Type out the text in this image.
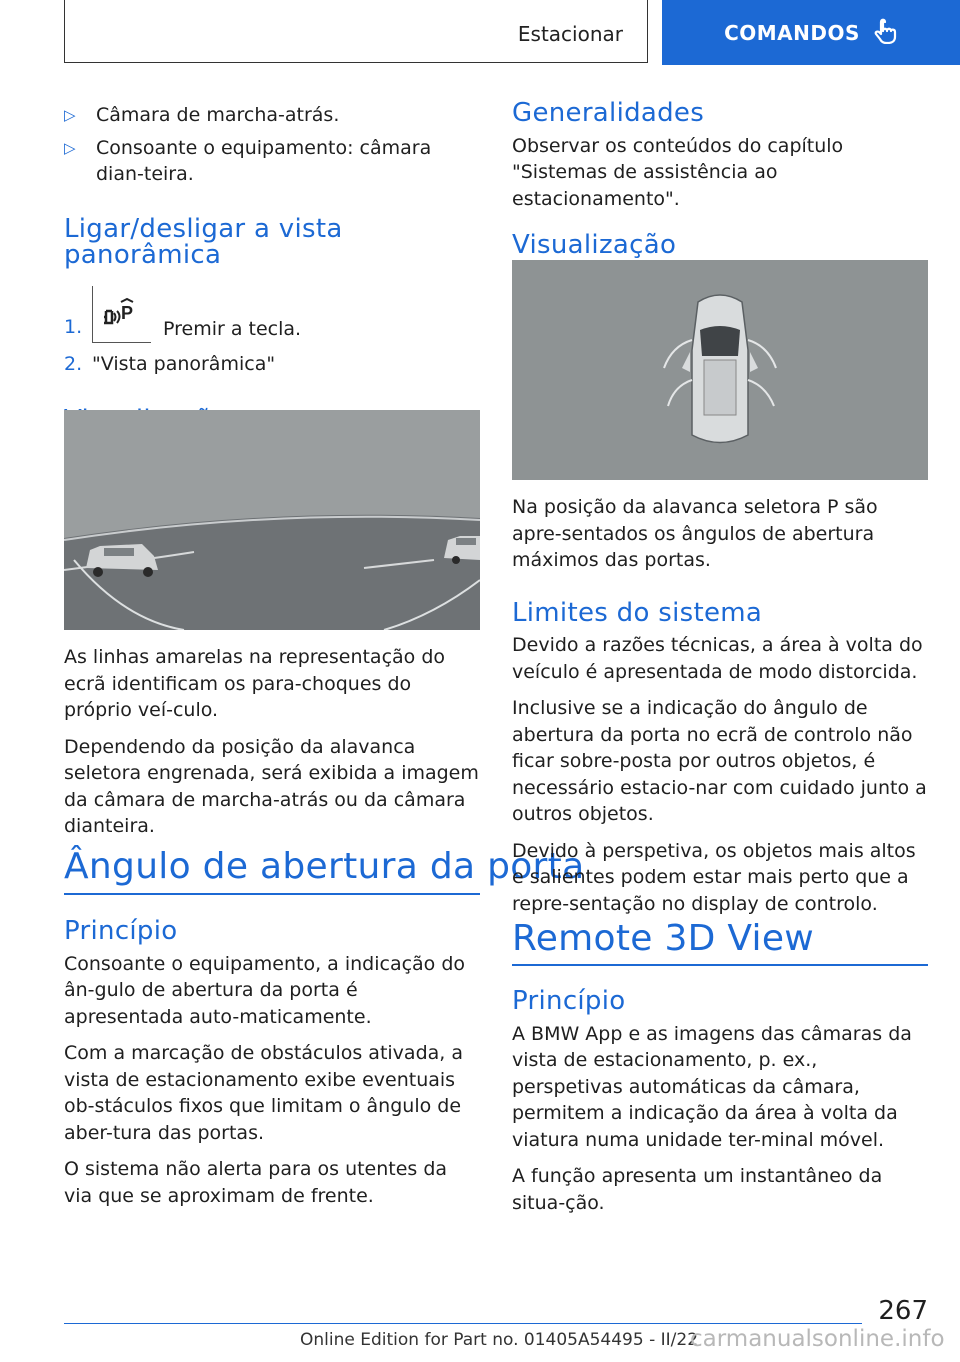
Estacionar	COMANDOS
▷	Câmara de marcha-atrás.
▷	Consoante o equipamento: câmara dian-teira.
Ligar/desligar a vista panorâmica
1.
P
Premir a tecla.
2. "Vista panorâmica"

As linhas amarelas na representação do ecrã identificam os para-choques do próprio veí-culo.

Dependendo da posição da alavanca seletora engrenada, será exibida a imagem da câmara de marcha-atrás ou da câmara dianteira.

Ângulo de abertura da porta
Princípio

Consoante o equipamento, a indicação do ân-gulo de abertura da porta é apresentada auto-maticamente.

Com a marcação de obstáculos ativada, a vista de estacionamento exibe eventuais ob-stáculos fixos que limitam o ângulo de aber-tura das portas.

O sistema não alerta para os utentes da via que se aproximam de frente.

Generalidades

Observar os conteúdos do capítulo "Sistemas de assistência ao estacionamento".

Visualização

Na posição da alavanca seletora P são apre-sentados os ângulos de abertura máximos das portas.

Limites do sistema

Devido a razões técnicas, a área à volta do veículo é apresentada de modo distorcida.

Inclusive se a indicação do ângulo de abertura da porta no ecrã de controlo não ficar sobre-posta por outros objetos, é necessário estacio-nar com cuidado junto a outros objetos.

Devido à perspetiva, os objetos mais altos e salientes podem estar mais perto que a repre-sentação no display de controlo.

Remote 3D View
Princípio

A BMW App e as imagens das câmaras da vista de estacionamento, p. ex., perspetivas automáticas da câmara, permitem a indicação da área à volta da viatura numa unidade ter-minal móvel.

A função apresenta um instantâneo da situa-ção.

267
Online Edition for Part no. 01405A54495 - II/22
carmanualsonline.info
